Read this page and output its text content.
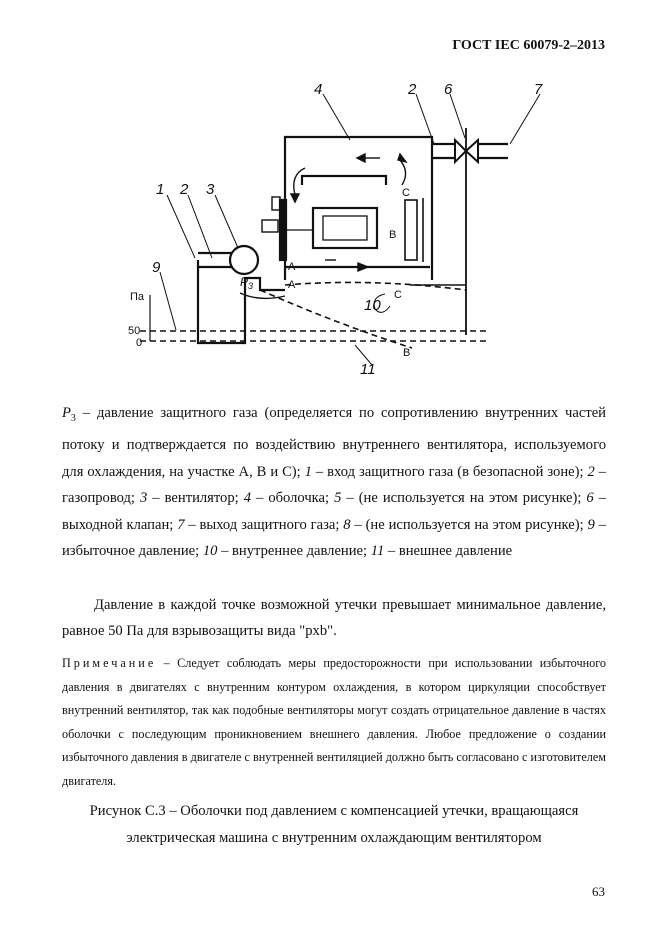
ГОСТ IEC 60079-2–2013
1 2 3
4	2 6	7
9
10
11
Па
50
0
$P_3$
A
A
B
B
C
C
$P_3$ – давление защитного газа (определяется по сопротивлению внутренних частей потоку и подтверждается по воздействию внутреннего вентилятора, используемого для охлаждения, на участке А, В и С); 1 – вход защитного газа (в безопасной зоне); 2 – газопровод; 3 – вентилятор; 4 – оболочка; 5 – (не используется на этом рисунке); 6 – выходной клапан; 7 – выход защитного газа; 8 – (не используется на этом рисунке); 9 – избыточное давление; 10 – внутреннее давление; 11 – внешнее давление
Давление в каждой точке возможной утечки превышает минимальное давление, равное 50 Па для взрывозащиты вида "pxb".
Примечание – Следует соблюдать меры предосторожности при использовании избыточного давления в двигателях с внутренним контуром охлаждения, в котором циркуляции способствует внутренний вентилятор, так как подобные вентиляторы могут создать отрицательное давление в частях оболочки с последующим проникновением внешнего давления. Любое предложение о создании избыточного давления в двигателе с внутренней вентиляцией должно быть согласовано с изготовителем двигателя.
Рисунок С.3 – Оболочки под давлением с компенсацией утечки, вращающаяся
электрическая машина с внутренним охлаждающим вентилятором
63
